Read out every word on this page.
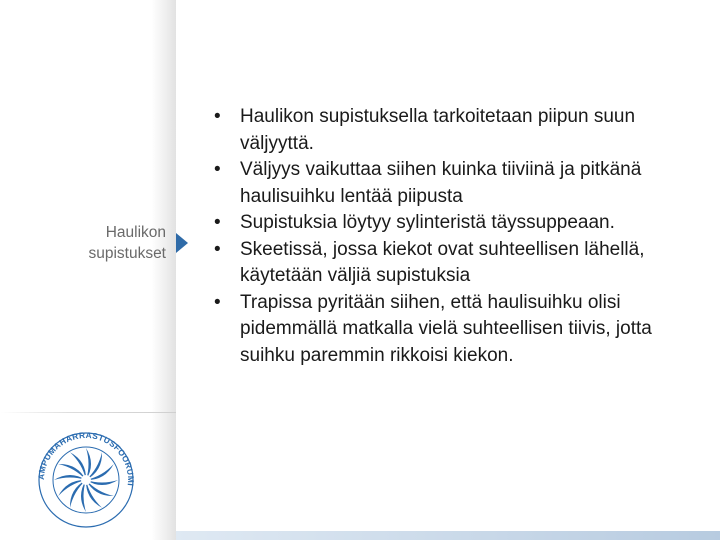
Haulikon
supistukset
• Haulikon supistuksella tarkoitetaan piipun suun väljyyttä.
• Väljyys vaikuttaa siihen kuinka tiiviinä ja pitkänä haulisuihku lentää piipusta
• Supistuksia löytyy sylinteristä täyssuppeaan.
• Skeetissä, jossa kiekot ovat suhteellisen lähellä, käytetään väljiä supistuksia
• Trapissa pyritään siihen, että haulisuihku olisi pidemmällä matkalla vielä suhteellisen tiivis, jotta suihku paremmin rikkoisi kiekon.
AMPUMAHARRASTUSFOORUMI
